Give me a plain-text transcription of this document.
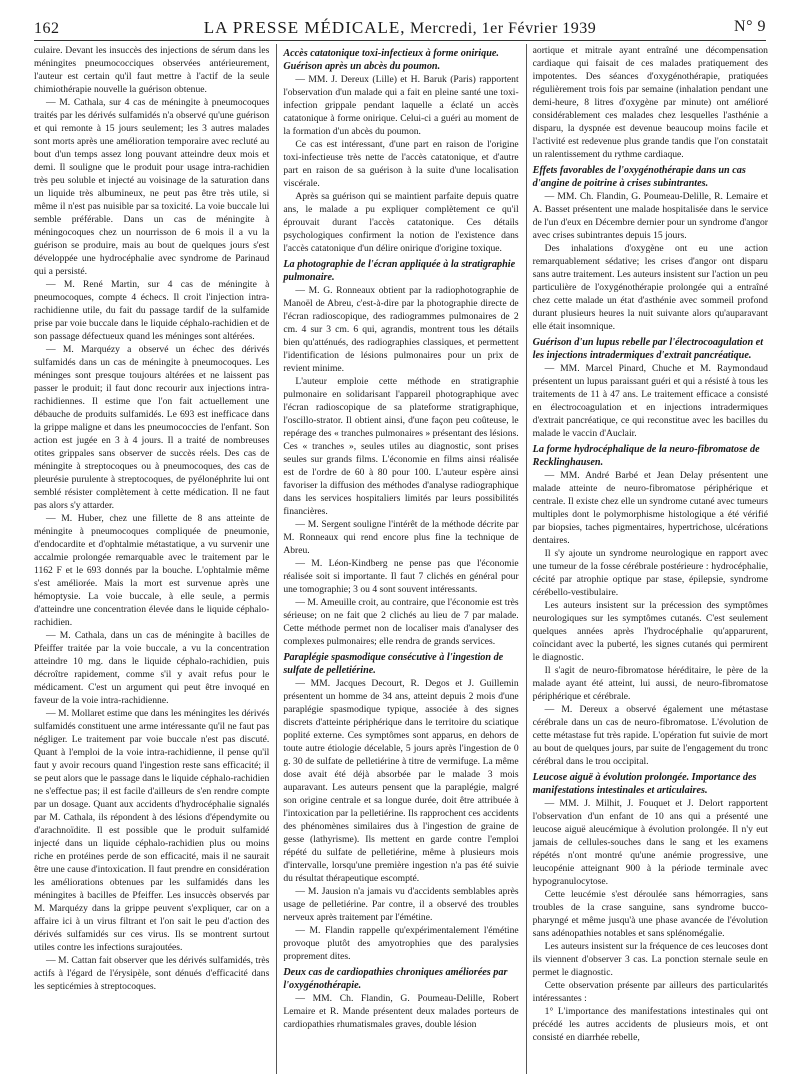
162	LA PRESSE MÉDICALE, Mercredi, 1er Février 1939	N° 9

culaire. Devant les insuccès des injections de sérum dans les méningites pneumococciques observées antérieurement, l'auteur est certain qu'il faut mettre à l'actif de la seule chimiothérapie nouvelle la guérison obtenue.

— M. Cathala, sur 4 cas de méningite à pneumocoques traités par les dérivés sulfamidés n'a observé qu'une guérison et qui remonte à 15 jours seulement; les 3 autres malades sont morts après une amélioration temporaire avec recluté au bout d'un temps assez long pouvant atteindre deux mois et demi. Il souligne que le produit pour usage intra-rachidien très peu soluble et injecté au voisinage de la saturation dans un liquide très albumineux, ne peut pas être très utile, si même il n'est pas nuisible par sa toxicité. La voie buccale lui semble préférable. Dans un cas de méningite à méningocoques chez un nourrisson de 6 mois il a vu la guérison se produire, mais au bout de quelques jours s'est développée une hydrocéphalie avec syndrome de Parinaud qui a persisté.

— M. René Martin, sur 4 cas de méningite à pneumocoques, compte 4 échecs. Il croit l'injection intra-rachidienne utile, du fait du passage tardif de la sulfamide prise par voie buccale dans le liquide céphalo-rachidien et de son passage défectueux quand les méninges sont altérées.

— M. Marquézy a observé un échec des dérivés sulfamidés dans un cas de méningite à pneumocoques. Les méninges sont presque toujours altérées et ne laissent pas passer le produit; il faut donc recourir aux injections intra-rachidiennes. Il estime que l'on fait actuellement une débauche de produits sulfamidés. Le 693 est inefficace dans la grippe maligne et dans les pneumococcies de l'enfant. Son action est jugée en 3 à 4 jours. Il a traité de nombreuses otites grippales sans observer de succès réels. Des cas de méningite à streptocoques ou à pneumocoques, des cas de pleurésie purulente à streptocoques, de pyélonéphrite lui ont semblé résister complètement à cette médication. Il ne faut pas alors s'y attarder.

— M. Huber, chez une fillette de 8 ans atteinte de méningite à pneumocoques compliquée de pneumonie, d'endocardite et d'ophtalmie métastatique, a vu survenir une accalmie prolongée remarquable avec le traitement par le 1162 F et le 693 donnés par la bouche. L'ophtalmie même s'est améliorée. Mais la mort est survenue après une hémoptysie. La voie buccale, à elle seule, a permis d'atteindre une concentration élevée dans le liquide céphalo-rachidien.

— M. Cathala, dans un cas de méningite à bacilles de Pfeiffer traitée par la voie buccale, a vu la concentration atteindre 10 mg. dans le liquide céphalo-rachidien, puis décroître rapidement, comme s'il y avait refus pour le médicament. C'est un argument qui peut être invoqué en faveur de la voie intra-rachidienne.

— M. Mollaret estime que dans les méningites les dérivés sulfamidés constituent une arme intéressante qu'il ne faut pas négliger. Le traitement par voie buccale n'est pas discuté. Quant à l'emploi de la voie intra-rachidienne, il pense qu'il faut y avoir recours quand l'ingestion reste sans efficacité; il se peut alors que le passage dans le liquide céphalo-rachidien ne s'effectue pas; il est facile d'ailleurs de s'en rendre compte par un dosage. Quant aux accidents d'hydrocéphalie signalés par M. Cathala, ils répondent à des lésions d'épendymite ou d'arachnoïdite. Il est possible que le produit sulfamidé injecté dans un liquide céphalo-rachidien plus ou moins riche en protéines perde de son efficacité, mais il ne saurait être une cause d'intoxication. Il faut prendre en considération les améliorations obtenues par les sulfamidés dans les méningites à bacilles de Pfeiffer. Les insuccès observés par M. Marquézy dans la grippe peuvent s'expliquer, car on a affaire ici à un virus filtrant et l'on sait le peu d'action des dérivés sulfamidés sur ces virus. Ils se montrent surtout utiles contre les infections surajoutées.

— M. Cattan fait observer que les dérivés sulfamidés, très actifs à l'égard de l'érysipèle, sont dénués d'efficacité dans les septicémies à streptocoques.

Accès catatonique toxi-infectieux à forme onirique. Guérison après un abcès du poumon.

— MM. J. Dereux (Lille) et H. Baruk (Paris) rapportent l'observation d'un malade qui a fait en pleine santé une toxi-infection grippale pendant laquelle a éclaté un accès catatonique à forme onirique. Celui-ci a guéri au moment de la formation d'un abcès du poumon.

Ce cas est intéressant, d'une part en raison de l'origine toxi-infectieuse très nette de l'accès catatonique, et d'autre part en raison de sa guérison à la suite d'une localisation viscérale.

Après sa guérison qui se maintient parfaite depuis quatre ans, le malade a pu expliquer complètement ce qu'il éprouvait durant l'accès catatonique. Ces détails psychologiques confirment la notion de l'existence dans l'accès catatonique d'un délire onirique d'origine toxique.

La photographie de l'écran appliquée à la stratigraphie pulmonaire.

— M. G. Ronneaux obtient par la radiophotographie de Manoël de Abreu, c'est-à-dire par la photographie directe de l'écran radioscopique, des radiogrammes pulmonaires de 2 cm. 4 sur 3 cm. 6 qui, agrandis, montrent tous les détails bien qu'atténués, des radiographies classiques, et permettent l'identification de lésions pulmonaires pour un prix de revient minime.

L'auteur emploie cette méthode en stratigraphie pulmonaire en solidarisant l'appareil photographique avec l'écran radioscopique de sa plateforme stratigraphique, l'oscillo-strator. Il obtient ainsi, d'une façon peu coûteuse, le repérage des « tranches pulmonaires » présentant des lésions. Ces « tranches », seules utiles au diagnostic, sont prises seules sur grands films. L'économie en films ainsi réalisée est de l'ordre de 60 à 80 pour 100. L'auteur espère ainsi favoriser la diffusion des méthodes d'analyse radiographique dans les services hospitaliers limités par leurs possibilités financières.

— M. Sergent souligne l'intérêt de la méthode décrite par M. Ronneaux qui rend encore plus fine la technique de Abreu.

— M. Léon-Kindberg ne pense pas que l'économie réalisée soit si importante. Il faut 7 clichés en général pour une tomographie; 3 ou 4 sont souvent intéressants.

— M. Ameuille croit, au contraire, que l'économie est très sérieuse; on ne fait que 2 clichés au lieu de 7 par malade. Cette méthode permet non de localiser mais d'analyser des complexes pulmonaires; elle rendra de grands services.

Paraplégie spasmodique consécutive à l'ingestion de sulfate de pelletiérine.

— MM. Jacques Decourt, R. Degos et J. Guillemin présentent un homme de 34 ans, atteint depuis 2 mois d'une paraplégie spasmodique typique, associée à des signes discrets d'atteinte périphérique dans le territoire du sciatique poplité externe. Ces symptômes sont apparus, en dehors de toute autre étiologie décelable, 5 jours après l'ingestion de 0 g. 30 de sulfate de pelletiérine à titre de vermifuge. La même dose avait été déjà absorbée par le malade 3 mois auparavant. Les auteurs pensent que la paraplégie, malgré son origine centrale et sa longue durée, doit être attribuée à l'intoxication par la pelletiérine. Ils rapprochent ces accidents des phénomènes similaires dus à l'ingestion de graine de gesse (lathyrisme). Ils mettent en garde contre l'emploi répété du sulfate de pelletiérine, même à plusieurs mois d'intervalle, lorsqu'une première ingestion n'a pas été suivie du résultat thérapeutique escompté.

— M. Jausion n'a jamais vu d'accidents semblables après usage de pelletiérine. Par contre, il a observé des troubles nerveux après traitement par l'émétine.

— M. Flandin rappelle qu'expérimentalement l'émétine provoque plutôt des amyotrophies que des paralysies proprement dites.

Deux cas de cardiopathies chroniques améliorées par l'oxygénothérapie.

— MM. Ch. Flandin, G. Poumeau-Delille, Robert Lemaire et R. Mande présentent deux malades porteurs de cardiopathies rhumatismales graves, double lésion

aortique et mitrale ayant entraîné une décompensation cardiaque qui faisait de ces malades pratiquement des impotentes. Des séances d'oxygénothérapie, pratiquées régulièrement trois fois par semaine (inhalation pendant une demi-heure, 8 litres d'oxygène par minute) ont amélioré considérablement ces malades chez lesquelles l'asthénie a disparu, la dyspnée est devenue beaucoup moins facile et l'activité est redevenue plus grande tandis que l'on constatait un ralentissement du rythme cardiaque.

Effets favorables de l'oxygénothérapie dans un cas d'angine de poitrine à crises subintrantes.

— MM. Ch. Flandin, G. Poumeau-Delille, R. Lemaire et A. Basset présentent une malade hospitalisée dans le service de l'un d'eux en Décembre dernier pour un syndrome d'angor avec crises subintrantes depuis 15 jours.

Des inhalations d'oxygène ont eu une action remarquablement sédative; les crises d'angor ont disparu sans autre traitement. Les auteurs insistent sur l'action un peu particulière de l'oxygénothérapie prolongée qui a entraîné chez cette malade un état d'asthénie avec sommeil profond durant plusieurs heures la nuit suivante alors qu'auparavant elle était insomnique.

Guérison d'un lupus rebelle par l'électrocoagulation et les injections intradermiques d'extrait pancréatique.

— MM. Marcel Pinard, Chuche et M. Raymondaud présentent un lupus paraissant guéri et qui a résisté à tous les traitements de 11 à 47 ans. Le traitement efficace a consisté en électrocoagulation et en injections intradermiques d'extrait pancréatique, ce qui reconstitue avec les bacilles du malade le vaccin d'Auclair.

La forme hydrocéphalique de la neuro-fibromatose de Recklinghausen.

— MM. André Barbé et Jean Delay présentent une malade atteinte de neuro-fibromatose périphérique et centrale. Il existe chez elle un syndrome cutané avec tumeurs multiples dont le polymorphisme histologique a été vérifié par biopsies, taches pigmentaires, hypertrichose, ulcérations dentaires.

Il s'y ajoute un syndrome neurologique en rapport avec une tumeur de la fosse cérébrale postérieure : hydrocéphalie, cécité par atrophie optique par stase, épilepsie, syndrome cérébello-vestibulaire.

Les auteurs insistent sur la précession des symptômes neurologiques sur les symptômes cutanés. C'est seulement quelques années après l'hydrocéphalie qu'apparurent, coïncidant avec la puberté, les signes cutanés qui permirent le diagnostic.

Il s'agit de neuro-fibromatose héréditaire, le père de la malade ayant été atteint, lui aussi, de neuro-fibromatose périphérique et cérébrale.

— M. Dereux a observé également une métastase cérébrale dans un cas de neuro-fibromatose. L'évolution de cette métastase fut très rapide. L'opération fut suivie de mort au bout de quelques jours, par suite de l'engagement du tronc cérébral dans le trou occipital.

Leucose aiguë à évolution prolongée. Importance des manifestations intestinales et articulaires.

— MM. J. Milhit, J. Fouquet et J. Delort rapportent l'observation d'un enfant de 10 ans qui a présenté une leucose aiguë aleucémique à évolution prolongée. Il n'y eut jamais de cellules-souches dans le sang et les examens répétés n'ont montré qu'une anémie progressive, une leucopénie atteignant 900 à la période terminale avec hypogranulocytose.

Cette leucémie s'est déroulée sans hémorragies, sans troubles de la crase sanguine, sans syndrome bucco-pharyngé et même jusqu'à une phase avancée de l'évolution sans adénopathies notables et sans splénomégalie.

Les auteurs insistent sur la fréquence de ces leucoses dont ils viennent d'observer 3 cas. La ponction sternale seule en permet le diagnostic.

Cette observation présente par ailleurs des particularités intéressantes :

1° L'importance des manifestations intestinales qui ont précédé les autres accidents de plusieurs mois, et ont consisté en diarrhée rebelle,
